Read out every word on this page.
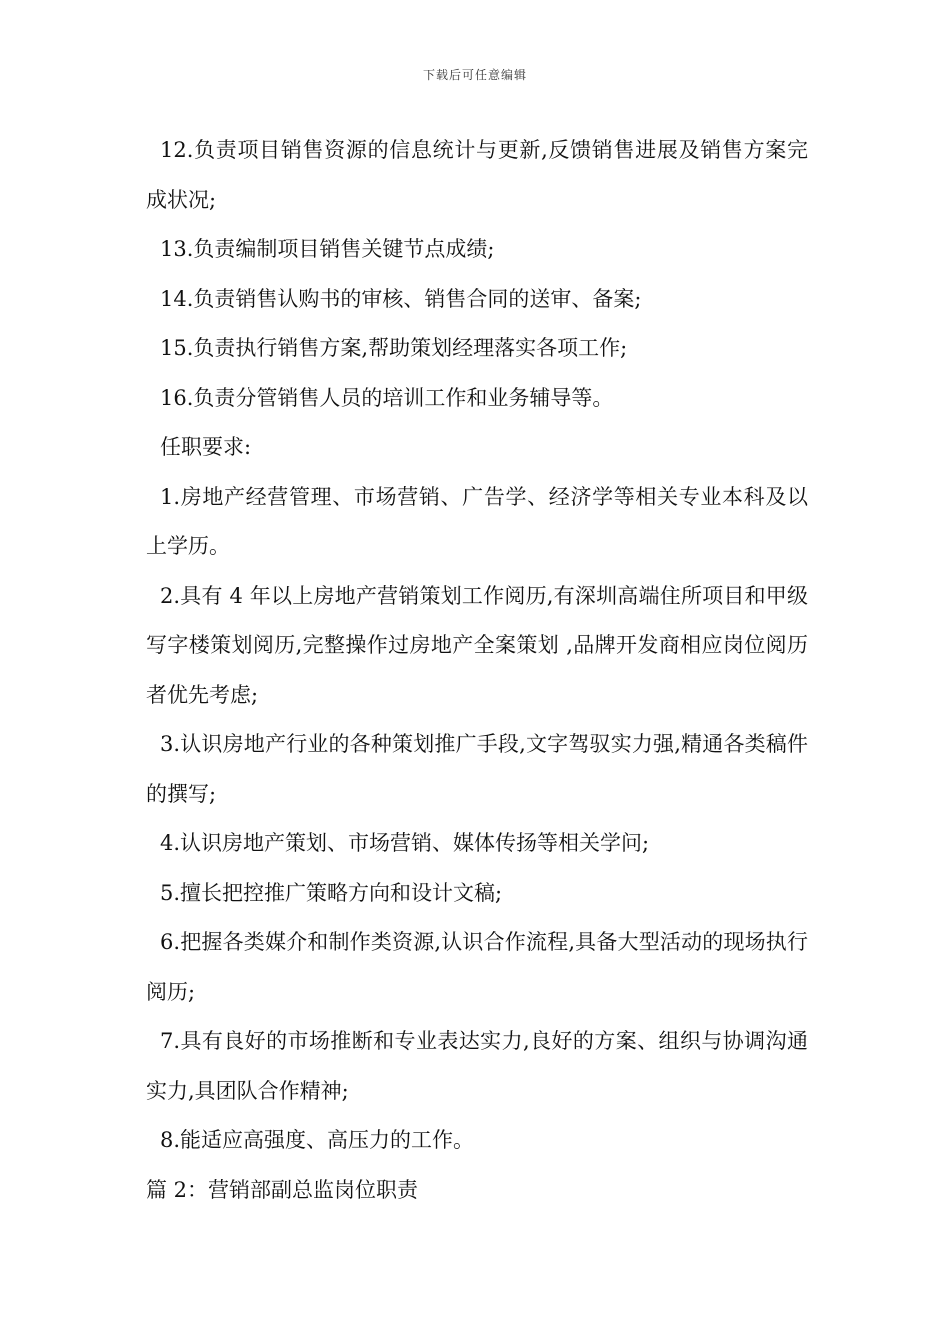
下载后可任意编辑

12.负责项目销售资源的信息统计与更新,反馈销售进展及销售方案完成状况;

13.负责编制项目销售关键节点成绩;

14.负责销售认购书的审核、销售合同的送审、备案;

15.负责执行销售方案,帮助策划经理落实各项工作;

16.负责分管销售人员的培训工作和业务辅导等。

任职要求:

1.房地产经营管理、市场营销、广告学、经济学等相关专业本科及以上学历。

2.具有 4 年以上房地产营销策划工作阅历,有深圳高端住所项目和甲级写字楼策划阅历,完整操作过房地产全案策划 ,品牌开发商相应岗位阅历者优先考虑;

3.认识房地产行业的各种策划推广手段,文字驾驭实力强,精通各类稿件的撰写;

4.认识房地产策划、市场营销、媒体传扬等相关学问;

5.擅长把控推广策略方向和设计文稿;

6.把握各类媒介和制作类资源,认识合作流程,具备大型活动的现场执行阅历;

7.具有良好的市场推断和专业表达实力,良好的方案、组织与协调沟通实力,具团队合作精神;

8.能适应高强度、高压力的工作。

篇 2：营销部副总监岗位职责
